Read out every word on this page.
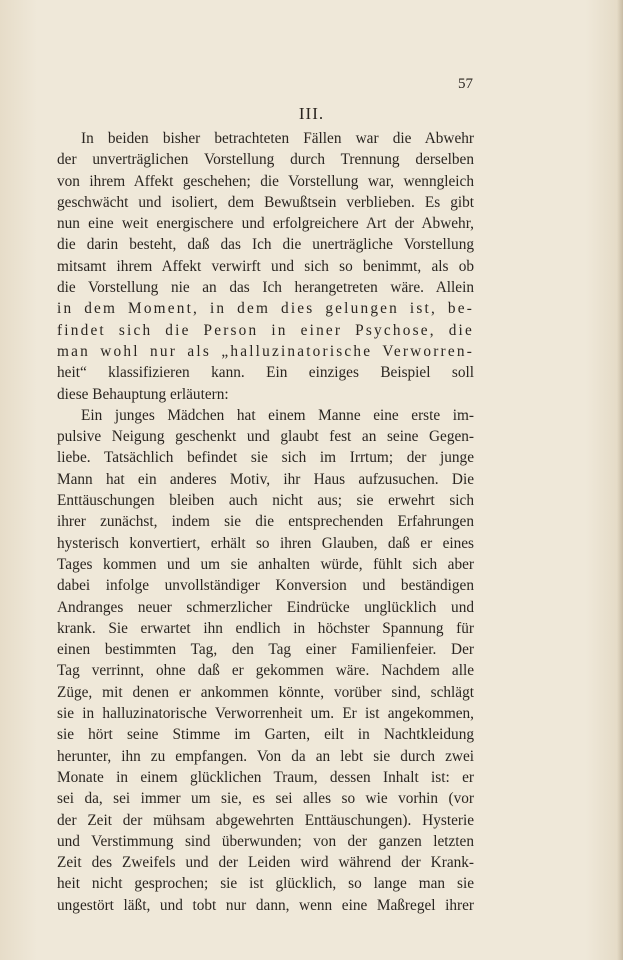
57
III.
In beiden bisher betrachteten Fällen war die Abwehr
der unverträglichen Vorstellung durch Trennung derselben
von ihrem Affekt geschehen; die Vorstellung war, wenngleich
geschwächt und isoliert, dem Bewußtsein verblieben. Es gibt
nun eine weit energischere und erfolgreichere Art der Abwehr,
die darin besteht, daß das Ich die unerträgliche Vorstellung
mitsamt ihrem Affekt verwirft und sich so benimmt, als ob
die Vorstellung nie an das Ich herangetreten wäre. Allein
in dem Moment, in dem dies gelungen ist, be-
findet sich die Person in einer Psychose, die
man wohl nur als „halluzinatorische Verworren-
heit“ klassifizieren kann. Ein einziges Beispiel soll
diese Behauptung erläutern:
Ein junges Mädchen hat einem Manne eine erste im-
pulsive Neigung geschenkt und glaubt fest an seine Gegen-
liebe. Tatsächlich befindet sie sich im Irrtum; der junge
Mann hat ein anderes Motiv, ihr Haus aufzusuchen. Die
Enttäuschungen bleiben auch nicht aus; sie erwehrt sich
ihrer zunächst, indem sie die entsprechenden Erfahrungen
hysterisch konvertiert, erhält so ihren Glauben, daß er eines
Tages kommen und um sie anhalten würde, fühlt sich aber
dabei infolge unvollständiger Konversion und beständigen
Andranges neuer schmerzlicher Eindrücke unglücklich und
krank. Sie erwartet ihn endlich in höchster Spannung für
einen bestimmten Tag, den Tag einer Familienfeier. Der
Tag verrinnt, ohne daß er gekommen wäre. Nachdem alle
Züge, mit denen er ankommen könnte, vorüber sind, schlägt
sie in halluzinatorische Verworrenheit um. Er ist angekommen,
sie hört seine Stimme im Garten, eilt in Nachtkleidung
herunter, ihn zu empfangen. Von da an lebt sie durch zwei
Monate in einem glücklichen Traum, dessen Inhalt ist: er
sei da, sei immer um sie, es sei alles so wie vorhin (vor
der Zeit der mühsam abgewehrten Enttäuschungen). Hysterie
und Verstimmung sind überwunden; von der ganzen letzten
Zeit des Zweifels und der Leiden wird während der Krank-
heit nicht gesprochen; sie ist glücklich, so lange man sie
ungestört läßt, und tobt nur dann, wenn eine Maßregel ihrer
